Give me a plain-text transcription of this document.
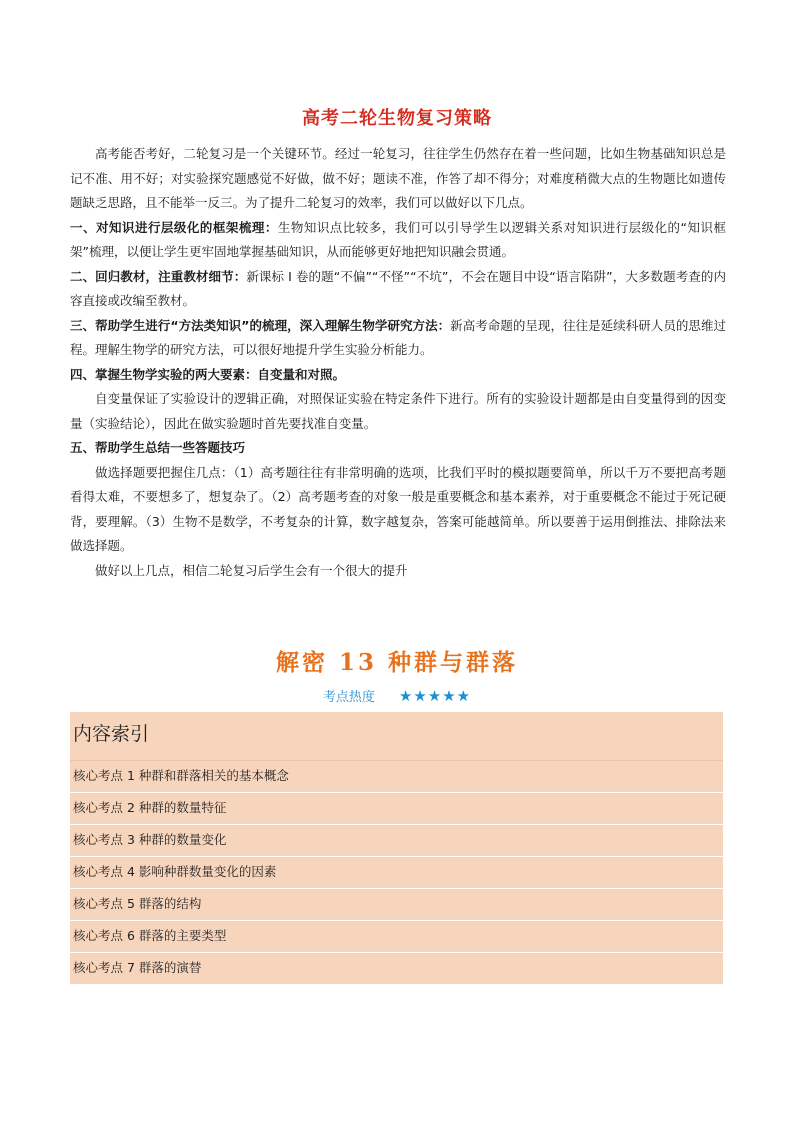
高考二轮生物复习策略

高考能否考好，二轮复习是一个关键环节。经过一轮复习，往往学生仍然存在着一些问题，比如生物基础知识总是记不准、用不好；对实验探究题感觉不好做，做不好；题读不准，作答了却不得分；对难度稍微大点的生物题比如遗传题缺乏思路，且不能举一反三。为了提升二轮复习的效率，我们可以做好以下几点。

一、对知识进行层级化的框架梳理：生物知识点比较多，我们可以引导学生以逻辑关系对知识进行层级化的“知识框架”梳理，以便让学生更牢固地掌握基础知识，从而能够更好地把知识融会贯通。

二、回归教材，注重教材细节：新课标 I 卷的题“不偏”“不怪”“不坑”，不会在题目中设“语言陷阱”，大多数题考查的内容直接或改编至教材。

三、帮助学生进行“方法类知识”的梳理，深入理解生物学研究方法：新高考命题的呈现，往往是延续科研人员的思维过程。理解生物学的研究方法，可以很好地提升学生实验分析能力。

四、掌握生物学实验的两大要素：自变量和对照。

自变量保证了实验设计的逻辑正确，对照保证实验在特定条件下进行。所有的实验设计题都是由自变量得到的因变量（实验结论），因此在做实验题时首先要找准自变量。

五、帮助学生总结一些答题技巧

做选择题要把握住几点：（1）高考题往往有非常明确的选项，比我们平时的模拟题要简单，所以千万不要把高考题看得太难，不要想多了，想复杂了。（2）高考题考查的对象一般是重要概念和基本素养，对于重要概念不能过于死记硬背，要理解。（3）生物不是数学，不考复杂的计算，数字越复杂，答案可能越简单。所以要善于运用倒推法、排除法来做选择题。

做好以上几点，相信二轮复习后学生会有一个很大的提升

解密 13 种群与群落
考点热度 ★★★★★
内容索引
核心考点 1 种群和群落相关的基本概念
核心考点 2 种群的数量特征
核心考点 3 种群的数量变化
核心考点 4 影响种群数量变化的因素
核心考点 5 群落的结构
核心考点 6 群落的主要类型
核心考点 7 群落的演替
